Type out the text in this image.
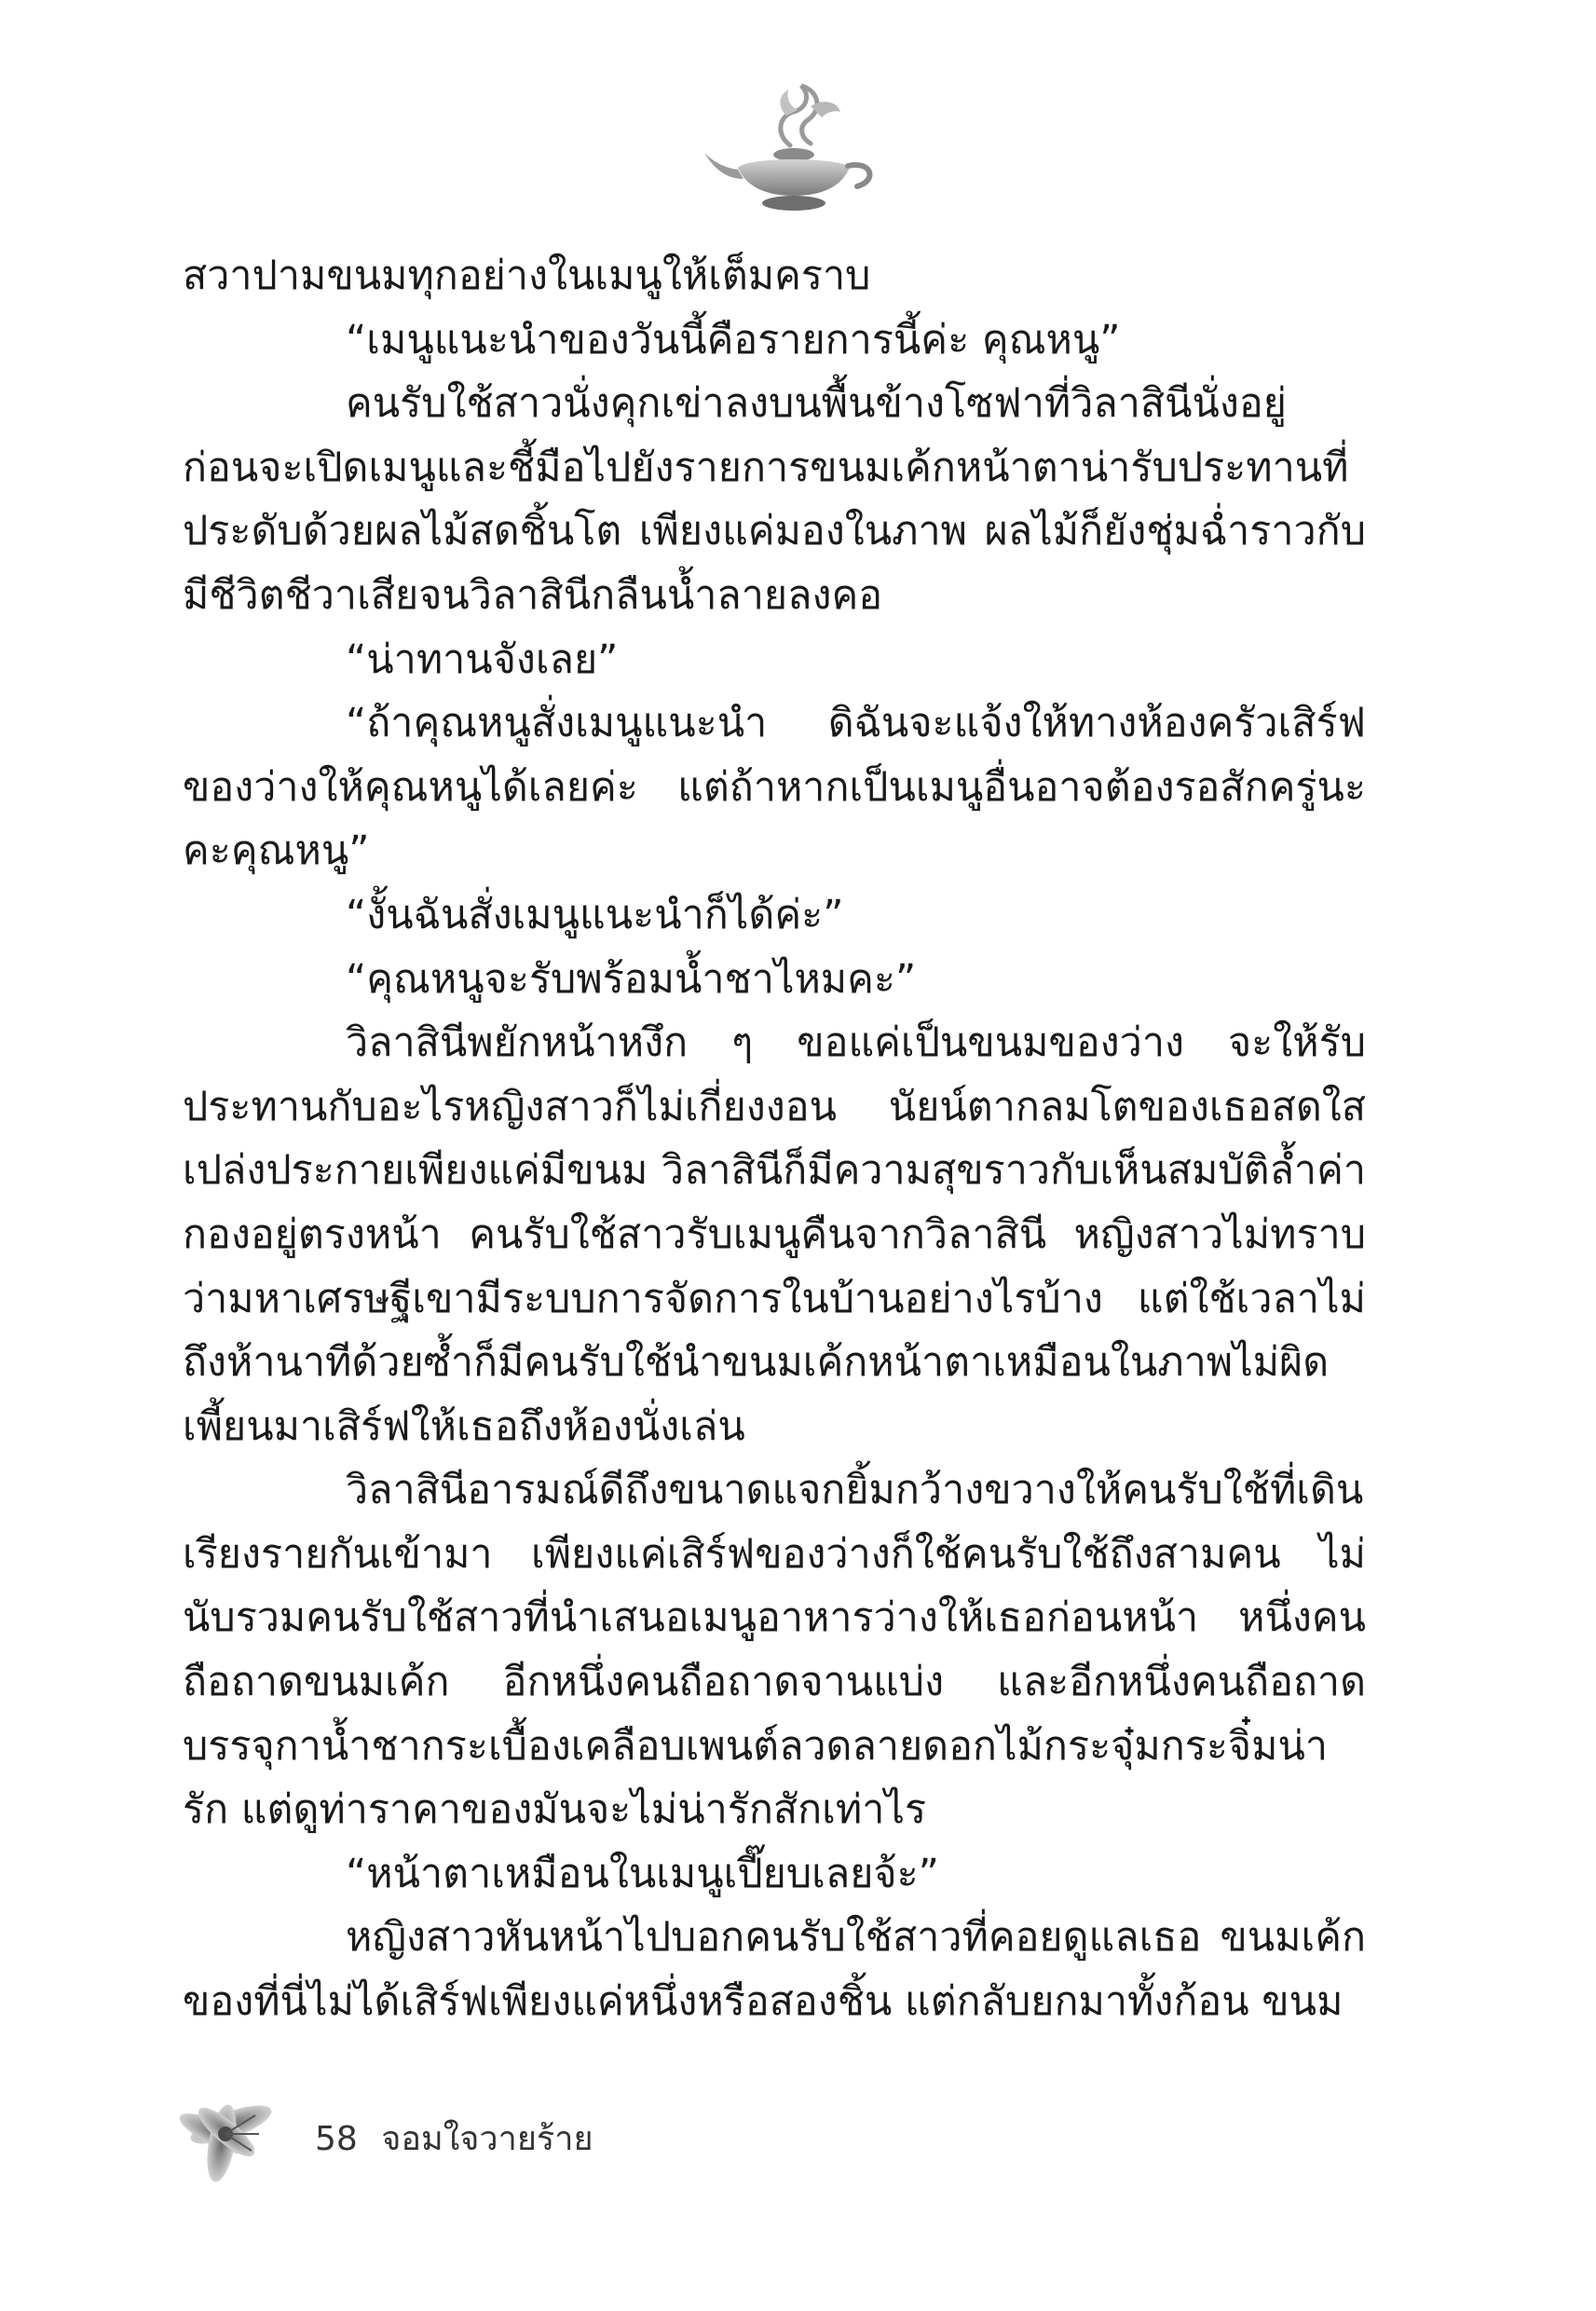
สวาปามขนมทุกอย่างในเมนูให้เต็มคราบ

“เมนูแนะนำของวันนี้คือรายการนี้ค่ะ คุณหนู”

คนรับใช้สาวนั่งคุกเข่าลงบนพื้นข้างโซฟาที่วิลาสินีนั่งอยู่ ก่อนจะเปิดเมนูและชี้มือไปยังรายการขนมเค้กหน้าตาน่ารับประทานที่ประดับด้วยผลไม้สดชิ้นโต เพียงแค่มองในภาพ ผลไม้ก็ยังชุ่มฉ่ำราวกับมีชีวิตชีวาเสียจนวิลาสินีกลืนน้ำลายลงคอ

“น่าทานจังเลย”

“ถ้าคุณหนูสั่งเมนูแนะนำ ดิฉันจะแจ้งให้ทางห้องครัวเสิร์ฟของว่างให้คุณหนูได้เลยค่ะ แต่ถ้าหากเป็นเมนูอื่นอาจต้องรอสักครู่นะคะคุณหนู”

“งั้นฉันสั่งเมนูแนะนำก็ได้ค่ะ”

“คุณหนูจะรับพร้อมน้ำชาไหมคะ”

วิลาสินีพยักหน้าหงึก ๆ ขอแค่เป็นขนมของว่าง จะให้รับประทานกับอะไรหญิงสาวก็ไม่เกี่ยงงอน นัยน์ตากลมโตของเธอสดใสเปล่งประกายเพียงแค่มีขนม วิลาสินีก็มีความสุขราวกับเห็นสมบัติล้ำค่ากองอยู่ตรงหน้า คนรับใช้สาวรับเมนูคืนจากวิลาสินี หญิงสาวไม่ทราบว่ามหาเศรษฐีเขามีระบบการจัดการในบ้านอย่างไรบ้าง แต่ใช้เวลาไม่ถึงห้านาทีด้วยซ้ำก็มีคนรับใช้นำขนมเค้กหน้าตาเหมือนในภาพไม่ผิดเพี้ยนมาเสิร์ฟให้เธอถึงห้องนั่งเล่น

วิลาสินีอารมณ์ดีถึงขนาดแจกยิ้มกว้างขวางให้คนรับใช้ที่เดินเรียงรายกันเข้ามา เพียงแค่เสิร์ฟของว่างก็ใช้คนรับใช้ถึงสามคน ไม่นับรวมคนรับใช้สาวที่นำเสนอเมนูอาหารว่างให้เธอก่อนหน้า หนึ่งคนถือถาดขนมเค้ก อีกหนึ่งคนถือถาดจานแบ่ง และอีกหนึ่งคนถือถาดบรรจุกาน้ำชากระเบื้องเคลือบเพนต์ลวดลายดอกไม้กระจุ๋มกระจิ๋มน่ารัก แต่ดูท่าราคาของมันจะไม่น่ารักสักเท่าไร

“หน้าตาเหมือนในเมนูเปี๊ยบเลยจ้ะ”

หญิงสาวหันหน้าไปบอกคนรับใช้สาวที่คอยดูแลเธอ ขนมเค้กของที่นี่ไม่ได้เสิร์ฟเพียงแค่หนึ่งหรือสองชิ้น แต่กลับยกมาทั้งก้อน ขนม

58 จอมใจวายร้าย
